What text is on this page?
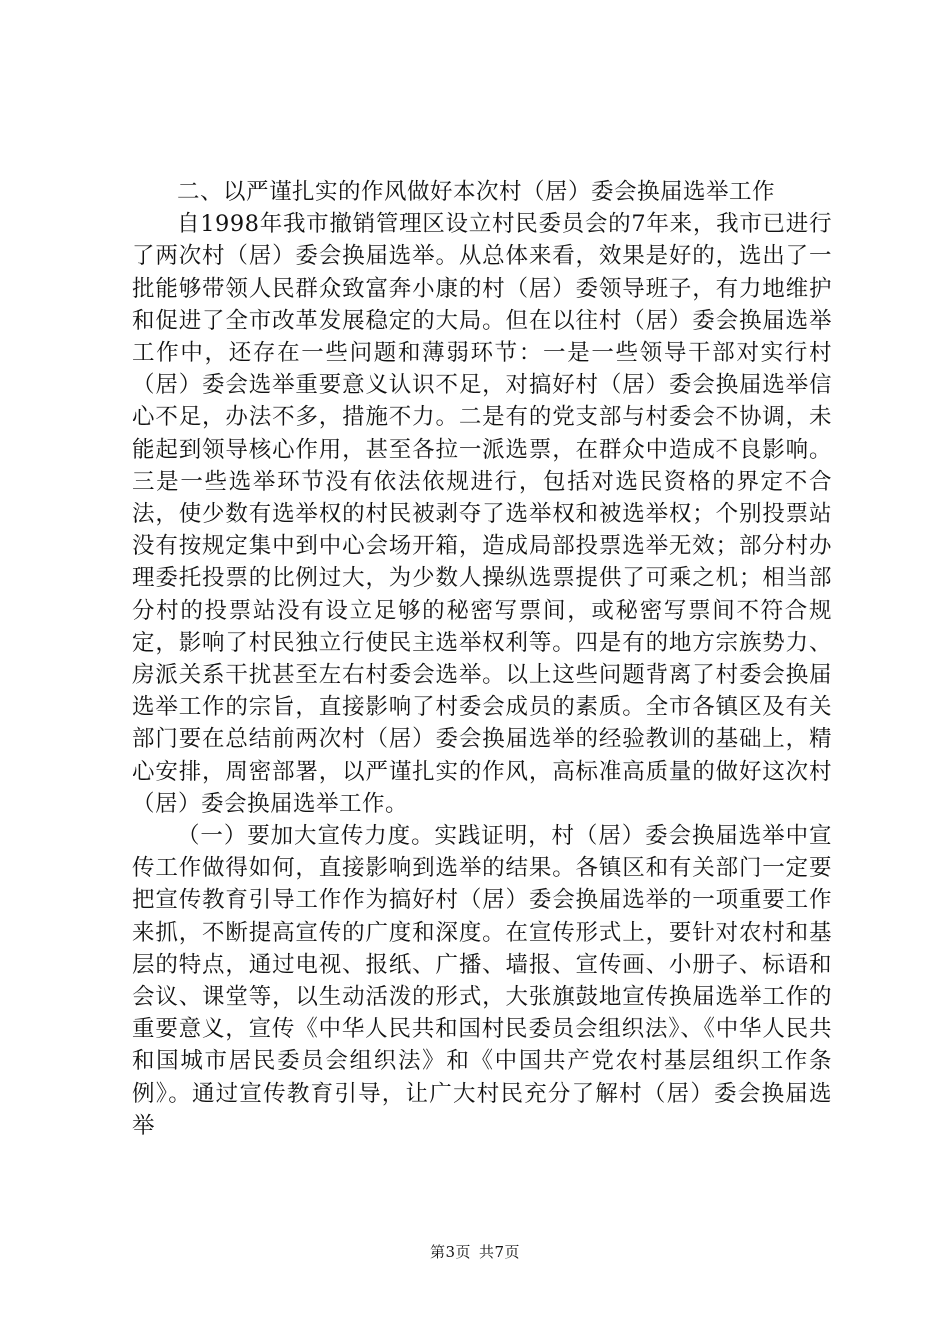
二、以严谨扎实的作风做好本次村（居）委会换届选举工作

自1998年我市撤销管理区设立村民委员会的7年来，我市已进行了两次村（居）委会换届选举。从总体来看，效果是好的，选出了一批能够带领人民群众致富奔小康的村（居）委领导班子，有力地维护和促进了全市改革发展稳定的大局。但在以往村（居）委会换届选举工作中，还存在一些问题和薄弱环节：一是一些领导干部对实行村（居）委会选举重要意义认识不足，对搞好村（居）委会换届选举信心不足，办法不多，措施不力。二是有的党支部与村委会不协调，未能起到领导核心作用，甚至各拉一派选票，在群众中造成不良影响。三是一些选举环节没有依法依规进行，包括对选民资格的界定不合法，使少数有选举权的村民被剥夺了选举权和被选举权；个别投票站没有按规定集中到中心会场开箱，造成局部投票选举无效；部分村办理委托投票的比例过大，为少数人操纵选票提供了可乘之机；相当部分村的投票站没有设立足够的秘密写票间，或秘密写票间不符合规定，影响了村民独立行使民主选举权利等。四是有的地方宗族势力、房派关系干扰甚至左右村委会选举。以上这些问题背离了村委会换届选举工作的宗旨，直接影响了村委会成员的素质。全市各镇区及有关部门要在总结前两次村（居）委会换届选举的经验教训的基础上，精心安排，周密部署，以严谨扎实的作风，高标准高质量的做好这次村（居）委会换届选举工作。

（一）要加大宣传力度。实践证明，村（居）委会换届选举中宣传工作做得如何，直接影响到选举的结果。各镇区和有关部门一定要把宣传教育引导工作作为搞好村（居）委会换届选举的一项重要工作来抓，不断提高宣传的广度和深度。在宣传形式上，要针对农村和基层的特点，通过电视、报纸、广播、墙报、宣传画、小册子、标语和会议、课堂等，以生动活泼的形式，大张旗鼓地宣传换届选举工作的重要意义，宣传《中华人民共和国村民委员会组织法》、《中华人民共和国城市居民委员会组织法》和《中国共产党农村基层组织工作条例》。通过宣传教育引导，让广大村民充分了解村（居）委会换届选举

第3页 共7页
